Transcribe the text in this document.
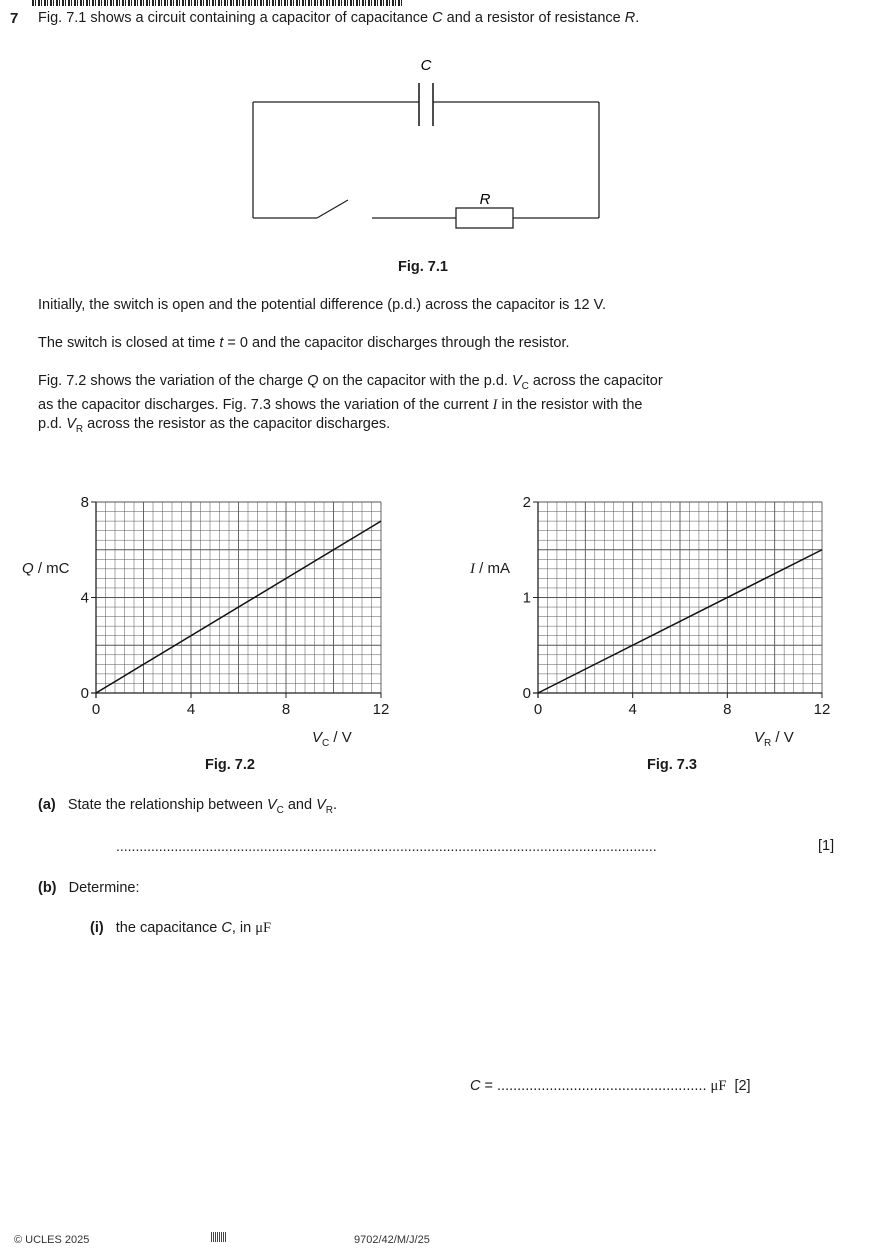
7 Fig. 7.1 shows a circuit containing a capacitor of capacitance C and a resistor of resistance R.
C
R
Fig. 7.1
Initially, the switch is open and the potential difference (p.d.) across the capacitor is 12 V.
The switch is closed at time t = 0 and the capacitor discharges through the resistor.
Fig. 7.2 shows the variation of the charge Q on the capacitor with the p.d. $V_C$ across the capacitor
as the capacitor discharges. Fig. 7.3 shows the variation of the current I in the resistor with the
p.d. $V_R$ across the resistor as the capacitor discharges.
0	4	8	12
0
4
8
Q / mC
$V_C$ / V
0	4	8	12
0
1
2
I / mA
$V_R$ / V
Fig. 7.2	Fig. 7.3
(a) State the relationship between $V_C$ and $V_R$.
...........................................................................................................................................	[1]
(b) Determine:
(i) the capacitance C, in μF
C = .................................................... μF [2]
© UCLES 2025	9702/42/M/J/25
